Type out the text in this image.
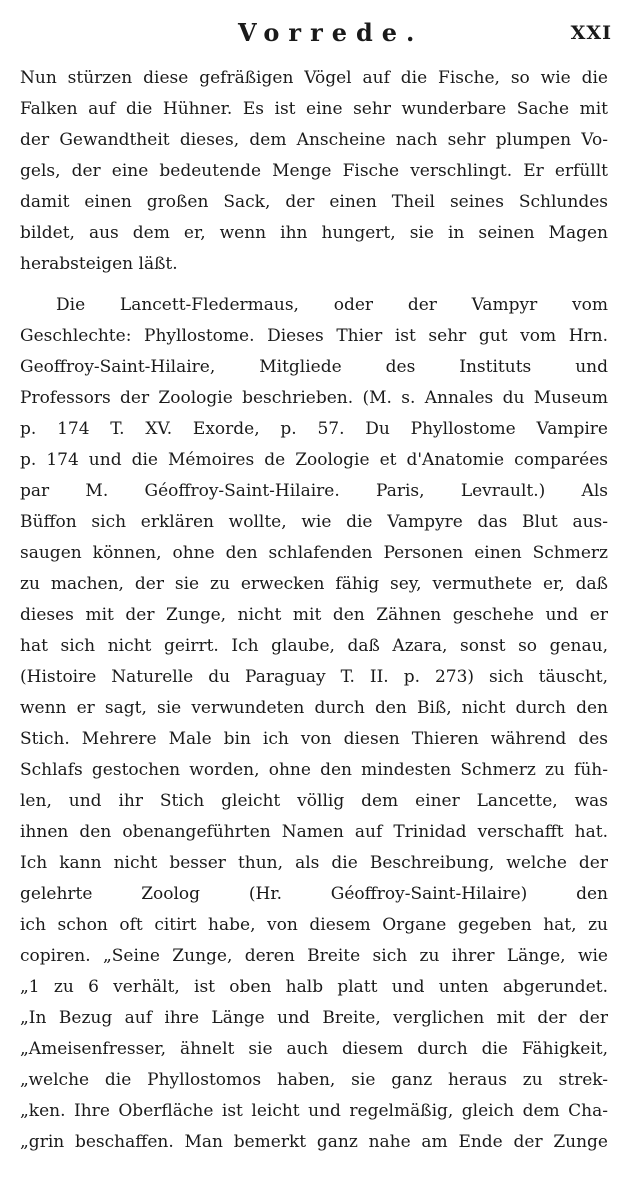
Vorrede.	XXI
Nun stürzen diese gefräßigen Vögel auf die Fische, so wie die
Falken auf die Hühner. Es ist eine sehr wunderbare Sache mit
der Gewandtheit dieses, dem Anscheine nach sehr plumpen Vo-
gels, der eine bedeutende Menge Fische verschlingt. Er erfüllt
damit einen großen Sack, der einen Theil seines Schlundes
bildet, aus dem er, wenn ihn hungert, sie in seinen Magen
herabsteigen läßt.
Die Lancett-Fledermaus, oder der Vampyr vom
Geschlechte: Phyllostome. Dieses Thier ist sehr gut vom Hrn.
Geoffroy-Saint-Hilaire, Mitgliede des Instituts und
Professors der Zoologie beschrieben. (M. s. Annales du Museum
p. 174 T. XV. Exorde, p. 57. Du Phyllostome Vampire
p. 174 und die Mémoires de Zoologie et d'Anatomie comparées
par M. Géoffroy-Saint-Hilaire. Paris, Levrault.) Als
Büffon sich erklären wollte, wie die Vampyre das Blut aus-
saugen können, ohne den schlafenden Personen einen Schmerz
zu machen, der sie zu erwecken fähig sey, vermuthete er, daß
dieses mit der Zunge, nicht mit den Zähnen geschehe und er
hat sich nicht geirrt. Ich glaube, daß Azara, sonst so genau,
(Histoire Naturelle du Paraguay T. II. p. 273) sich täuscht,
wenn er sagt, sie verwundeten durch den Biß, nicht durch den
Stich. Mehrere Male bin ich von diesen Thieren während des
Schlafs gestochen worden, ohne den mindesten Schmerz zu füh-
len, und ihr Stich gleicht völlig dem einer Lancette, was
ihnen den obenangeführten Namen auf Trinidad verschafft hat.
Ich kann nicht besser thun, als die Beschreibung, welche der
gelehrte Zoolog (Hr. Géoffroy-Saint-Hilaire) den
ich schon oft citirt habe, von diesem Organe gegeben hat, zu
copiren. „Seine Zunge, deren Breite sich zu ihrer Länge, wie
„1 zu 6 verhält, ist oben halb platt und unten abgerundet.
„In Bezug auf ihre Länge und Breite, verglichen mit der der
„Ameisenfresser, ähnelt sie auch diesem durch die Fähigkeit,
„welche die Phyllostomos haben, sie ganz heraus zu strek-
„ken. Ihre Oberfläche ist leicht und regelmäßig, gleich dem Cha-
„grin beschaffen. Man bemerkt ganz nahe am Ende der Zunge
